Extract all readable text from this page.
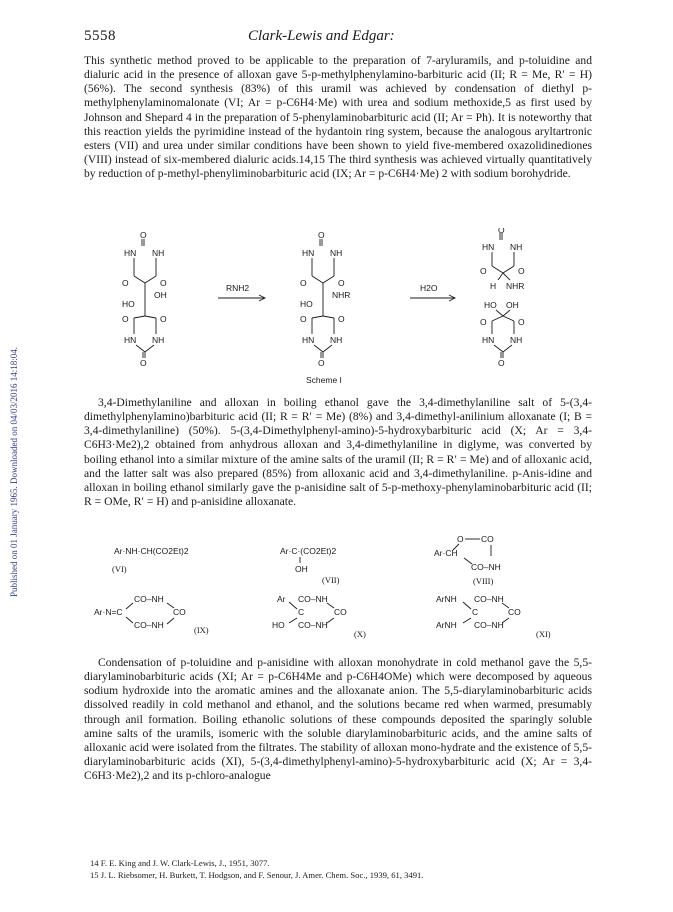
5558	Clark-Lewis and Edgar:
Published on 01 January 1965. Downloaded on 04/03/2016 14:18:04.

This synthetic method proved to be applicable to the preparation of 7-aryluramils, and p-toluidine and dialuric acid in the presence of alloxan gave 5-p-methylphenylamino-barbituric acid (II; R = Me, R′ = H) (56%). The second synthesis (83%) of this uramil was achieved by condensation of diethyl p-methylphenylaminomalonate (VI; Ar = p-C6H4·Me) with urea and sodium methoxide,5 as first used by Johnson and Shepard 4 in the preparation of 5-phenylaminobarbituric acid (II; Ar = Ph). It is noteworthy that this reaction yields the pyrimidine instead of the hydantoin ring system, because the analogous aryltartronic esters (VII) and urea under similar conditions have been shown to yield five-membered oxazolidinediones (VIII) instead of six-membered dialuric acids.14,15 The third synthesis was achieved virtually quantitatively by reduction of p-methyl-phenyliminobarbituric acid (IX; Ar = p-C6H4·Me) 2 with sodium borohydride.

O
HN NH
O	O
OH
HO
O	O
HN NH
O
RNH2
O
HN NH
O	O
NHR
HO
O	O
HN NH
O
Scheme I
H2O
O
HN NH
O	O
H NHR
HO OH
O	O
HN NH
O

3,4-Dimethylaniline and alloxan in boiling ethanol gave the 3,4-dimethylaniline salt of 5-(3,4-dimethylphenylamino)barbituric acid (II; R = R′ = Me) (8%) and 3,4-dimethyl-anilinium alloxanate (I; B = 3,4-dimethylaniline) (50%). 5-(3,4-Dimethylphenyl-amino)-5-hydroxybarbituric acid (X; Ar = 3,4-C6H3·Me2),2 obtained from anhydrous alloxan and 3,4-dimethylaniline in diglyme, was converted by boiling ethanol into a similar mixture of the amine salts of the uramil (II; R = R′ = Me) and of alloxanic acid, and the latter salt was also prepared (85%) from alloxanic acid and 3,4-dimethylaniline. p-Anis-idine and alloxan in boiling ethanol similarly gave the p-anisidine salt of 5-p-methoxy-phenylaminobarbituric acid (II; R = OMe, R′ = H) and p-anisidine alloxanate.

Ar·NH·CH(CO2Et)2
(VI)
Ar·C·(CO2Et)2
OH
(VII)
O CO
Ar·CH
CO–NH
(VIII)
CO–NH
Ar·N=C	CO
CO–NH	(IX)
Ar CO–NH
C	CO
HO CO–NH
(X)
ArNH CO–NH
C	CO
ArNH CO–NH
(XI)

Condensation of p-toluidine and p-anisidine with alloxan monohydrate in cold methanol gave the 5,5-diarylaminobarbituric acids (XI; Ar = p-C6H4Me and p-C6H4OMe) which were decomposed by aqueous sodium hydroxide into the aromatic amines and the alloxanate anion. The 5,5-diarylaminobarbituric acids dissolved readily in cold methanol and ethanol, and the solutions became red when warmed, presumably through anil formation. Boiling ethanolic solutions of these compounds deposited the sparingly soluble amine salts of the uramils, isomeric with the soluble diarylaminobarbituric acids, and the amine salts of alloxanic acid were isolated from the filtrates. The stability of alloxan mono-hydrate and the existence of 5,5-diarylaminobarbituric acids (XI), 5-(3,4-dimethylphenyl-amino)-5-hydroxybarbituric acid (X; Ar = 3,4-C6H3·Me2),2 and its p-chloro-analogue

14 F. E. King and J. W. Clark-Lewis, J., 1951, 3077.

15 J. L. Riebsomer, H. Burkett, T. Hodgson, and F. Senour, J. Amer. Chem. Soc., 1939, 61, 3491.
